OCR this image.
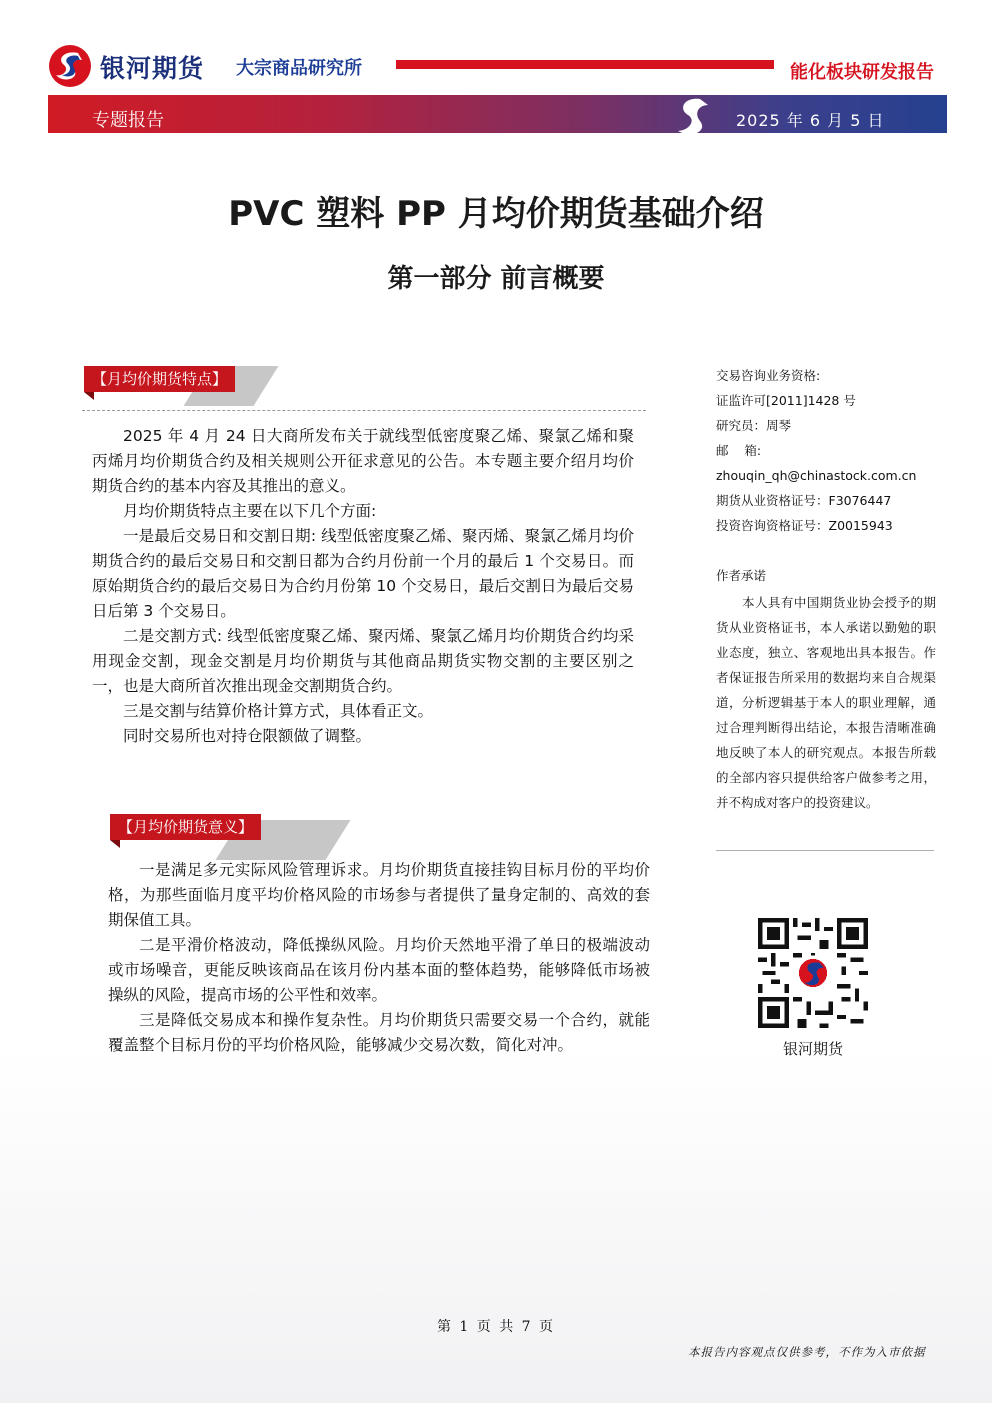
银河期货 大宗商品研究所	能化板块研发报告
专题报告	2025 年 6 月 5 日
PVC 塑料 PP 月均价期货基础介绍
第一部分 前言概要
【月均价期货特点】

2025 年 4 月 24 日大商所发布关于就线型低密度聚乙烯、聚氯乙烯和聚丙烯月均价期货合约及相关规则公开征求意见的公告。本专题主要介绍月均价期货合约的基本内容及其推出的意义。

月均价期货特点主要在以下几个方面:

一是最后交易日和交割日期: 线型低密度聚乙烯、聚丙烯、聚氯乙烯月均价期货合约的最后交易日和交割日都为合约月份前一个月的最后 1 个交易日。而原始期货合约的最后交易日为合约月份第 10 个交易日，最后交割日为最后交易日后第 3 个交易日。

二是交割方式: 线型低密度聚乙烯、聚丙烯、聚氯乙烯月均价期货合约均采用现金交割，现金交割是月均价期货与其他商品期货实物交割的主要区别之一，也是大商所首次推出现金交割期货合约。

三是交割与结算价格计算方式，具体看正文。

同时交易所也对持仓限额做了调整。

【月均价期货意义】

一是满足多元实际风险管理诉求。月均价期货直接挂钩目标月份的平均价格，为那些面临月度平均价格风险的市场参与者提供了量身定制的、高效的套期保值工具。

二是平滑价格波动，降低操纵风险。月均价天然地平滑了单日的极端波动或市场噪音，更能反映该商品在该月份内基本面的整体趋势，能够降低市场被操纵的风险，提高市场的公平性和效率。

三是降低交易成本和操作复杂性。月均价期货只需要交易一个合约，就能覆盖整个目标月份的平均价格风险，能够减少交易次数，简化对冲。

交易咨询业务资格:
证监许可[2011]1428 号
研究员：周琴
邮    箱:
zhouqin_qh@chinastock.com.cn
期货从业资格证号：F3076447
投资咨询资格证号：Z0015943
作者承诺

本人具有中国期货业协会授予的期货从业资格证书，本人承诺以勤勉的职业态度，独立、客观地出具本报告。作者保证报告所采用的数据均来自合规渠道，分析逻辑基于本人的职业理解，通过合理判断得出结论，本报告清晰准确地反映了本人的研究观点。本报告所载的全部内容只提供给客户做参考之用，并不构成对客户的投资建议。

银河期货
第 1 页 共 7 页
本报告内容观点仅供参考，不作为入市依据
